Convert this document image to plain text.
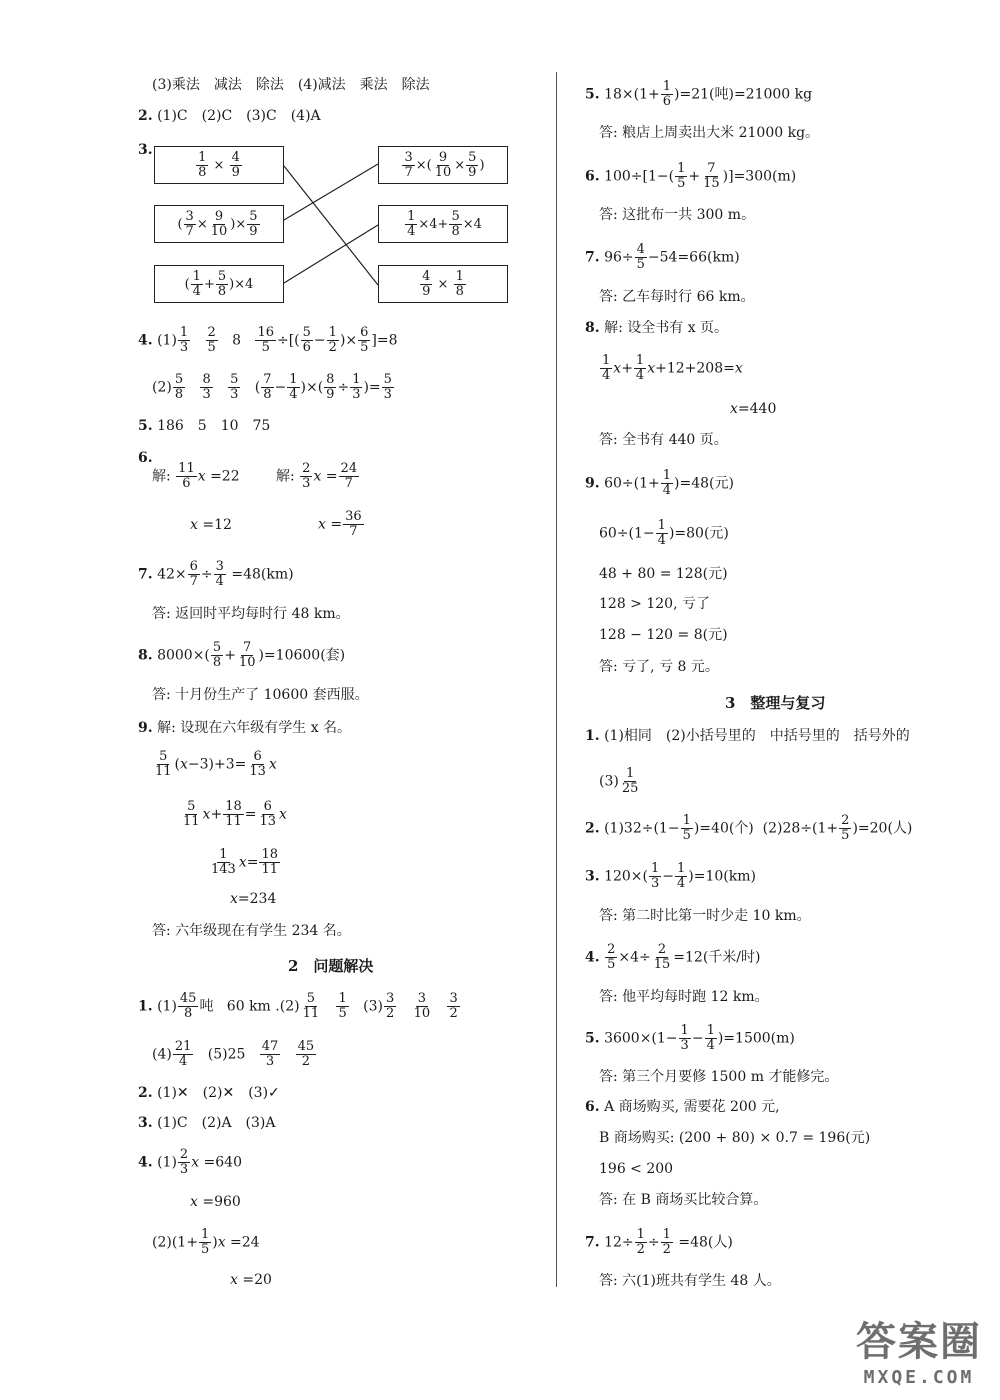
(3)乘法　减法　除法　(4)减法　乘法　除法
2. (1)C　(2)C　(3)C　(4)A
3.
$\frac{1}{8} \times \frac{4}{9}$
( $\frac{3}{7} \times \frac{9}{10}$ )× $\frac{5}{9}$
( $\frac{1}{4} + \frac{5}{8} )\times 4$
$\frac{3}{7}$ ×( $\frac{9}{10} \times \frac{5}{9}$ )
$\frac{1}{4} \times 4+ \frac{5}{8} \times 4$
$\frac{4}{9} \times \frac{1}{8}$
4. $(1) \frac{1}{3}$
$\frac{2}{5} 8 \frac{16}{5}$ ÷[( $\frac{5}{6} - \frac{1}{2}$ )× $\frac{6}{5} ]=8$
$(2) \frac{5}{8}$
$\frac{8}{3}$
$\frac{5}{3}$ ( $\frac{7}{8} - \frac{1}{4}$ )×( $\frac{8}{9} \div \frac{1}{3}$ )= $\frac{5}{3}$
5. 186　5　10　75
6.
解: $\frac{11}{6}$ x =22	解: $\frac{2}{3}$ $x = \frac{24}{7}$
x =12	$x = \frac{36}{7}$
7. $42\times \frac{6}{7} \div \frac{3}{4} =48(km)$
答: 返回时平均每时行 48 km。
8. $8000\times( \frac{5}{8} + \frac{7}{10} )=10600$(套)
答: 十月份生产了 10600 套西服。
9. 解: 设现在六年级有学生 x 名。
$\frac{5}{11} (x-3)+3= \frac{6}{13}$ x
$\frac{5}{11} x+ \frac{18}{11} = \frac{6}{13}$ x
$\frac{1}{143} x= \frac{18}{11}$
x=234
答: 六年级现在有学生 234 名。
2　问题解决
1. $(1) \frac{45}{8}$ 吨   60 km $.(2) \frac{5}{11}$
$\frac{1}{5} (3) \frac{3}{2}$
$\frac{3}{10}$
$\frac{3}{2}$
$(4) \frac{21}{4} (5)25 \frac{47}{3}$
$\frac{45}{2}$
2. (1)✕　(2)✕　(3)✓
3. (1)C　(2)A　(3)A
4. $(1) \frac{2}{3}$ x =640
x =960
$(2)(1+ \frac{1}{5} )x =24$
x =20
5. $18\times(1+ \frac{1}{6} )=21$(吨)=21000 kg
答: 粮店上周卖出大米 21000 kg。
6. $100\div[1-( \frac{1}{5} + \frac{7}{15} )]=300(m)$
答: 这批布一共 300 m。
7. $96\div \frac{4}{5} -54=66(km)$
答: 乙车每时行 66 km。
8. 解: 设全书有 x 页。
$\frac{1}{4} x+ \frac{1}{4} x+12+208=x$
x=440
答: 全书有 440 页。
9. $60\div(1+ \frac{1}{4} )=48$(元)
$60\div(1- \frac{1}{4} )=80$(元)
48 + 80 = 128(元)
128 > 120, 亏了
128 − 120 = 8(元)
答: 亏了, 亏 8 元。
3　整理与复习
1. (1)相同　(2)小括号里的　中括号里的　括号外的
$(3) \frac{1}{25}$
2. $(1)32\div(1- \frac{1}{5} )=40$(个)  $(2)28\div(1+ \frac{2}{5} )=20$(人)
3. $120\times( \frac{1}{3} - \frac{1}{4} )=10(km)$
答: 第二时比第一时少走 10 km。
4. $\frac{2}{5} \times 4\div \frac{2}{15} =12$(千米/时)
答: 他平均每时跑 12 km。
5. $3600\times(1- \frac{1}{3} - \frac{1}{4} )=1500(m)$
答: 第三个月要修 1500 m 才能修完。
6. A 商场购买, 需要花 200 元,
B 商场购买: (200 + 80) × 0.7 = 196(元)
196 < 200
答: 在 B 商场买比较合算。
7. $12\div \frac{1}{2} \div \frac{1}{2} =48$(人)
答: 六(1)班共有学生 48 人。
答案圈
MXQE.COM
